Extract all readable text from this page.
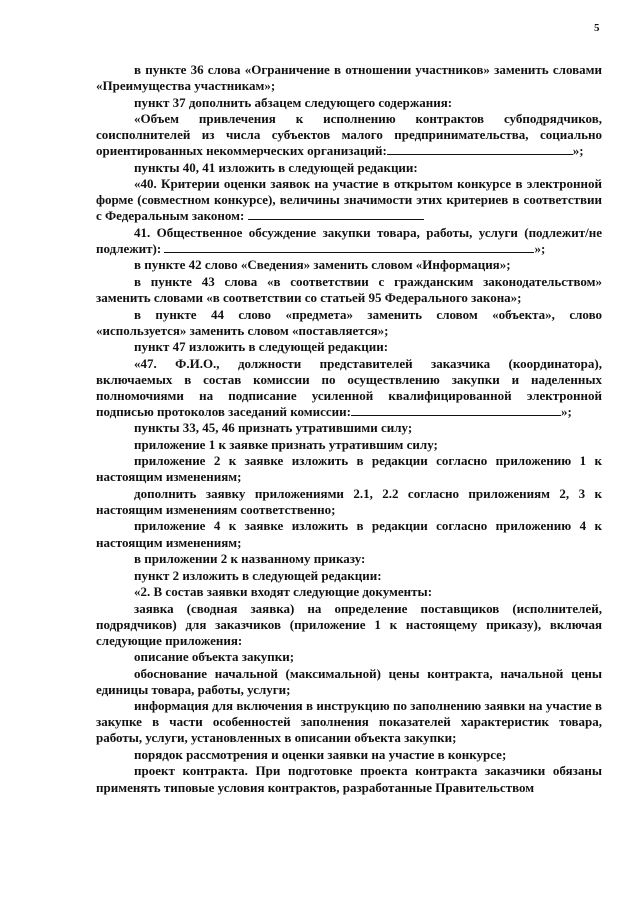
5

в пункте 36 слова «Ограничение в отношении участников» заменить словами «Преимущества участникам»;

пункт 37 дополнить абзацем следующего содержания:

«Объем привлечения к исполнению контрактов субподрядчиков, соисполнителей из числа субъектов малого предпринимательства, социально ориентированных некоммерческих организаций:	»;

пункты 40, 41 изложить в следующей редакции:

«40. Критерии оценки заявок на участие в открытом конкурсе в электронной форме (совместном конкурсе), величины значимости этих критериев в соответствии с Федеральным законом:

41. Общественное обсуждение закупки товара, работы, услуги (подлежит/не подлежит):	»;

в пункте 42 слово «Сведения» заменить словом «Информация»;

в пункте 43 слова «в соответствии с гражданским законодательством» заменить словами «в соответствии со статьей 95 Федерального закона»;

в пункте 44 слово «предмета» заменить словом «объекта», слово «используется» заменить словом «поставляется»;

пункт 47 изложить в следующей редакции:

«47. Ф.И.О., должности представителей заказчика (координатора), включаемых в состав комиссии по осуществлению закупки и наделенных полномочиями на подписание усиленной квалифицированной электронной подписью протоколов заседаний комиссии:	»;

пункты 33, 45, 46 признать утратившими силу;

приложение 1 к заявке признать утратившим силу;

приложение 2 к заявке изложить в редакции согласно приложению 1 к настоящим изменениям;

дополнить заявку приложениями 2.1, 2.2 согласно приложениям 2, 3 к настоящим изменениям соответственно;

приложение 4 к заявке изложить в редакции согласно приложению 4 к настоящим изменениям;

в приложении 2 к названному приказу:

пункт 2 изложить в следующей редакции:

«2. В состав заявки входят следующие документы:

заявка (сводная заявка) на определение поставщиков (исполнителей, подрядчиков) для заказчиков (приложение 1 к настоящему приказу), включая следующие приложения:

описание объекта закупки;

обоснование начальной (максимальной) цены контракта, начальной цены единицы товара, работы, услуги;

информация для включения в инструкцию по заполнению заявки на участие в закупке в части особенностей заполнения показателей характеристик товара, работы, услуги, установленных в описании объекта закупки;

порядок рассмотрения и оценки заявки на участие в конкурсе;

проект контракта. При подготовке проекта контракта заказчики обязаны применять типовые условия контрактов, разработанные Правительством
